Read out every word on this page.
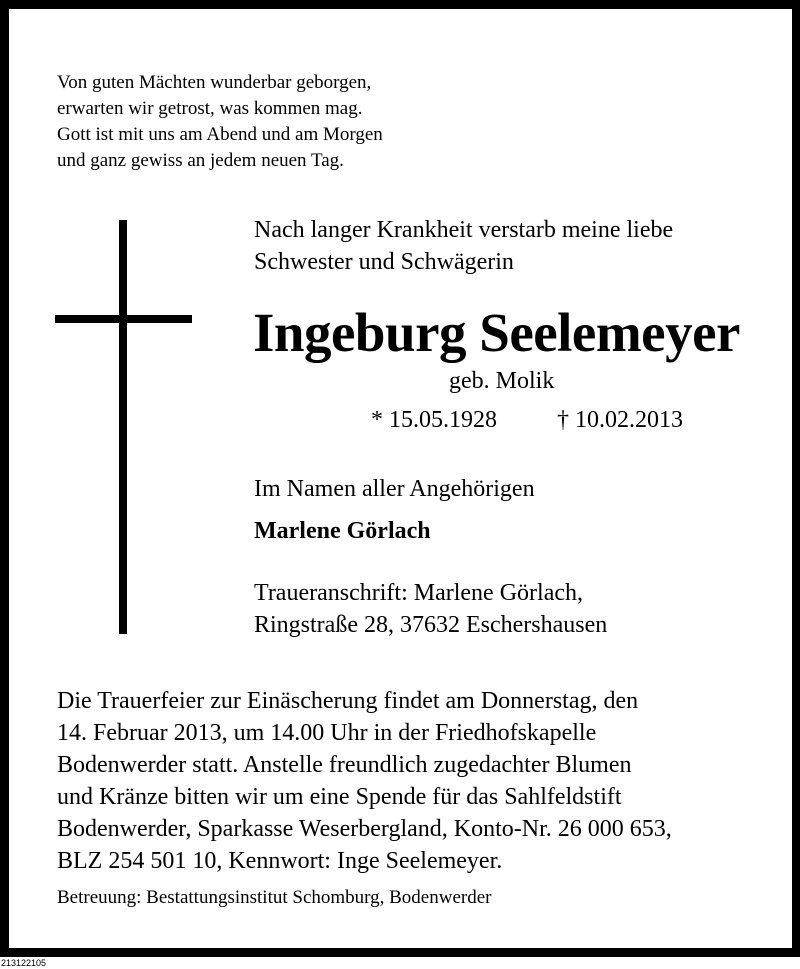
Von guten Mächten wunderbar geborgen,
erwarten wir getrost, was kommen mag.
Gott ist mit uns am Abend und am Morgen
und ganz gewiss an jedem neuen Tag.
Nach langer Krankheit verstarb meine liebe
Schwester und Schwägerin
Ingeburg Seelemeyer
geb. Molik
* 15.05.1928	† 10.02.2013
Im Namen aller Angehörigen
Marlene Görlach
Traueranschrift: Marlene Görlach,
Ringstraße 28, 37632 Eschershausen
Die Trauerfeier zur Einäscherung findet am Donnerstag, den
14. Februar 2013, um 14.00 Uhr in der Friedhofskapelle
Bodenwerder statt. Anstelle freundlich zugedachter Blumen
und Kränze bitten wir um eine Spende für das Sahlfeldstift
Bodenwerder, Sparkasse Weserbergland, Konto-Nr. 26 000 653,
BLZ 254 501 10, Kennwort: Inge Seelemeyer.
Betreuung: Bestattungsinstitut Schomburg, Bodenwerder
213122105
